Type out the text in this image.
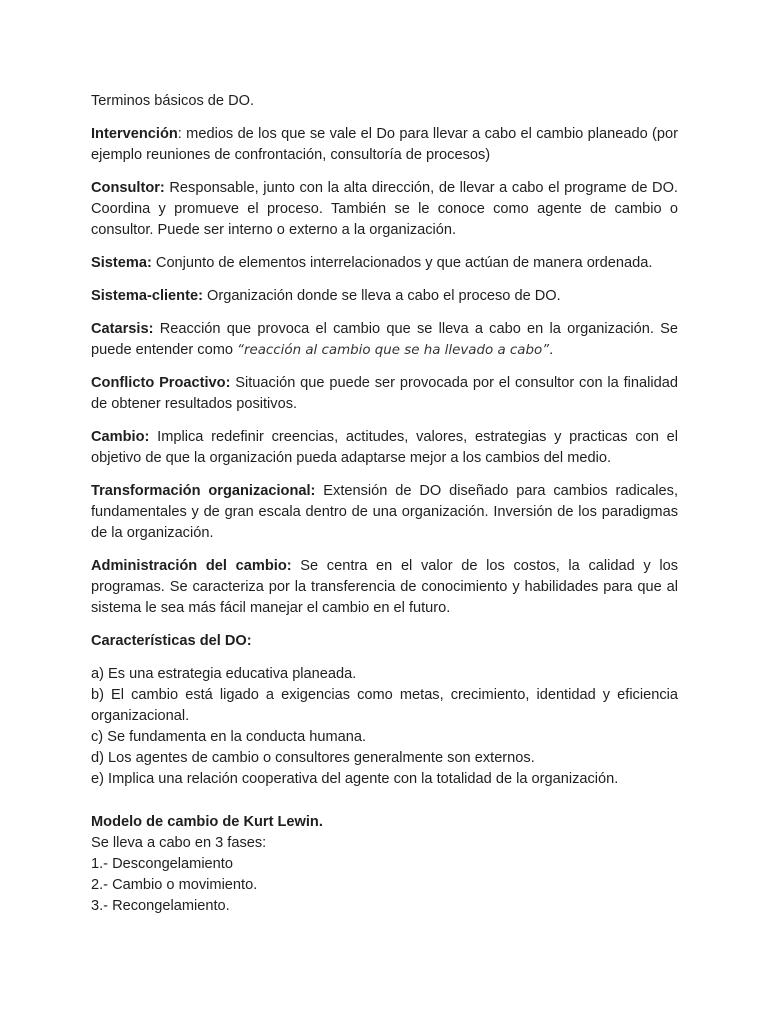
Terminos básicos de DO.

Intervención: medios de los que se vale el Do para llevar a cabo el cambio planeado (por ejemplo reuniones de confrontación, consultoría de procesos)

Consultor: Responsable, junto con la alta dirección, de llevar a cabo el programe de DO. Coordina y promueve el proceso. También se le conoce como agente de cambio o consultor. Puede ser interno o externo a la organización.

Sistema: Conjunto de elementos interrelacionados y que actúan de manera ordenada.

Sistema-cliente: Organización donde se lleva a cabo el proceso de DO.

Catarsis: Reacción que provoca el cambio que se lleva a cabo en la organización. Se puede entender como “reacción al cambio que se ha llevado a cabo”.

Conflicto Proactivo: Situación que puede ser provocada por el consultor con la finalidad de obtener resultados positivos.

Cambio: Implica redefinir creencias, actitudes, valores, estrategias y practicas con el objetivo de que la organización pueda adaptarse mejor a los cambios del medio.

Transformación organizacional: Extensión de DO diseñado para cambios radicales, fundamentales y de gran escala dentro de una organización. Inversión de los paradigmas de la organización.

Administración del cambio: Se centra en el valor de los costos, la calidad y los programas. Se caracteriza por la transferencia de conocimiento y habilidades para que al sistema le sea más fácil manejar el cambio en el futuro.

Características del DO:

a) Es una estrategia educativa planeada.
b) El cambio está ligado a exigencias como metas, crecimiento, identidad y eficiencia organizacional.
c) Se fundamenta en la conducta humana.
d) Los agentes de cambio o consultores generalmente son externos.
e) Implica una relación cooperativa del agente con la totalidad de la organización.
Modelo de cambio de Kurt Lewin.
Se lleva a cabo en 3 fases:
1.- Descongelamiento
2.- Cambio o movimiento.
3.- Recongelamiento.
